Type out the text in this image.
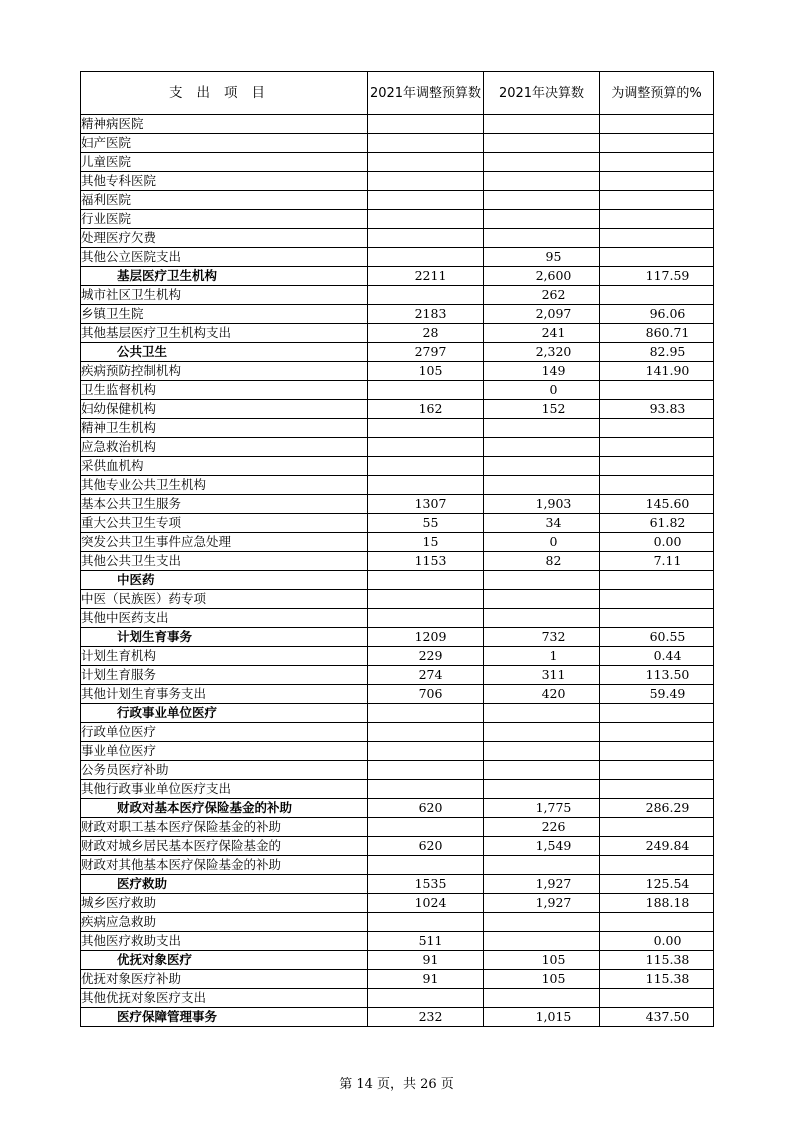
支出项目	2021年调整预算数	2021年决算数	为调整预算的%
精神病医院			
妇产医院			
儿童医院			
其他专科医院			
福利医院			
行业医院			
处理医疗欠费			
其他公立医院支出		95	
基层医疗卫生机构	2211	2,600	117.59
城市社区卫生机构		262	
乡镇卫生院	2183	2,097	96.06
其他基层医疗卫生机构支出	28	241	860.71
公共卫生	2797	2,320	82.95
疾病预防控制机构	105	149	141.90
卫生监督机构		0	
妇幼保健机构	162	152	93.83
精神卫生机构			
应急救治机构			
采供血机构			
其他专业公共卫生机构			
基本公共卫生服务	1307	1,903	145.60
重大公共卫生专项	55	34	61.82
突发公共卫生事件应急处理	15	0	0.00
其他公共卫生支出	1153	82	7.11
中医药			
中医（民族医）药专项			
其他中医药支出			
计划生育事务	1209	732	60.55
计划生育机构	229	1	0.44
计划生育服务	274	311	113.50
其他计划生育事务支出	706	420	59.49
行政事业单位医疗			
行政单位医疗			
事业单位医疗			
公务员医疗补助			
其他行政事业单位医疗支出			
财政对基本医疗保险基金的补助	620	1,775	286.29
财政对职工基本医疗保险基金的补助		226	
财政对城乡居民基本医疗保险基金的	620	1,549	249.84
财政对其他基本医疗保险基金的补助			
医疗救助	1535	1,927	125.54
城乡医疗救助	1024	1,927	188.18
疾病应急救助			
其他医疗救助支出	511		0.00
优抚对象医疗	91	105	115.38
优抚对象医疗补助	91	105	115.38
其他优抚对象医疗支出			
医疗保障管理事务	232	1,015	437.50
第 14 页，共 26 页
